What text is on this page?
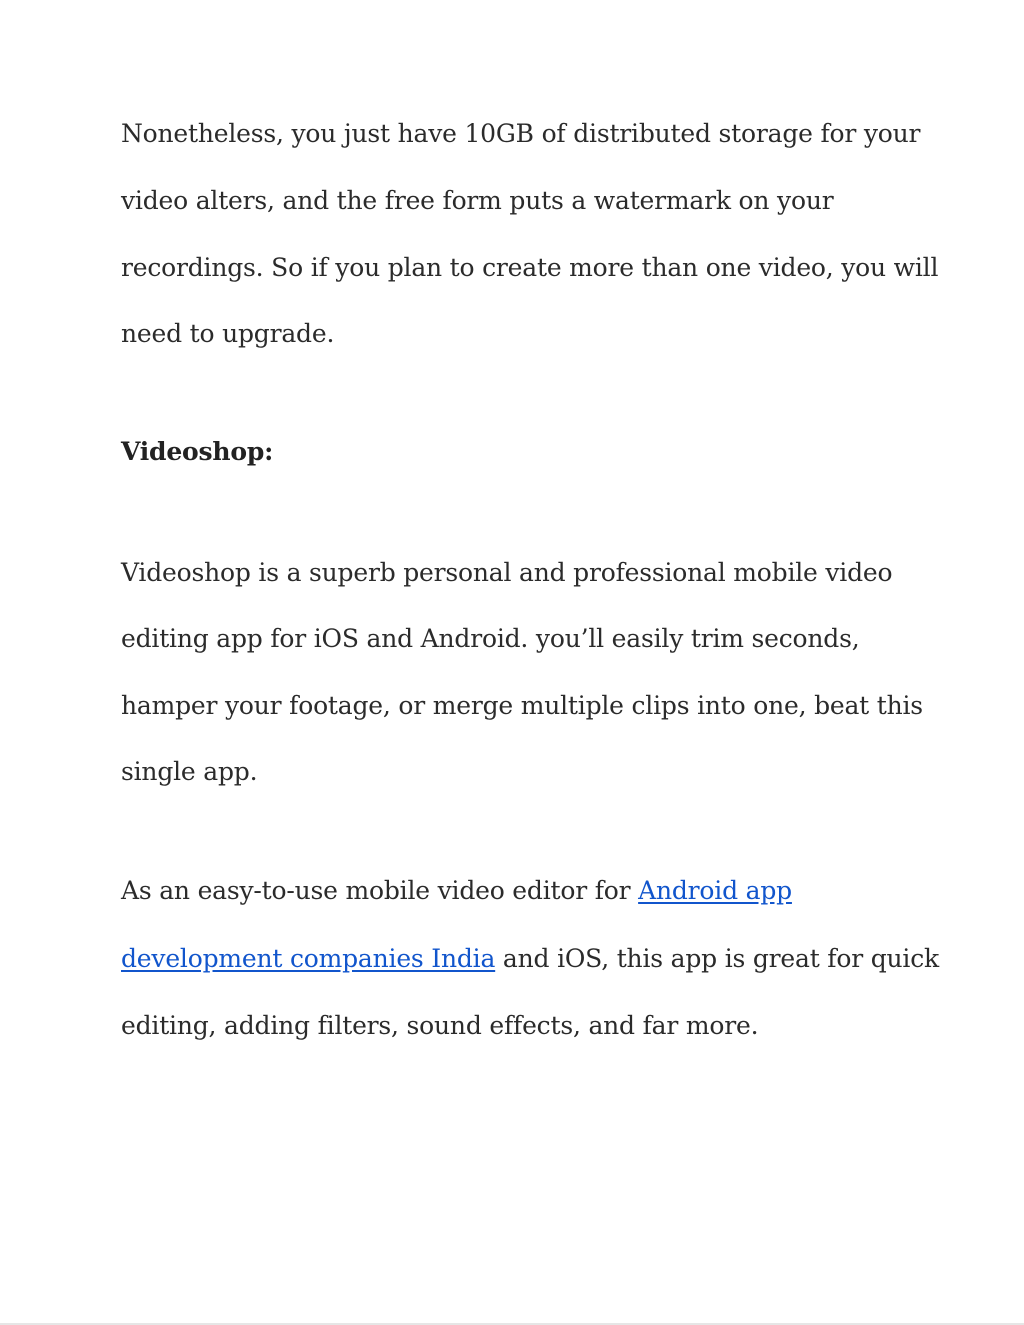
Nonetheless, you just have 10GB of distributed storage for your
video alters, and the free form puts a watermark on your
recordings. So if you plan to create more than one video, you will
need to upgrade.
Videoshop:
Videoshop is a superb personal and professional mobile video
editing app for iOS and Android. you’ll easily trim seconds,
hamper your footage, or merge multiple clips into one, beat this
single app.
As an easy-to-use mobile video editor for Android app
development companies India and iOS, this app is great for quick
editing, adding filters, sound effects, and far more.
